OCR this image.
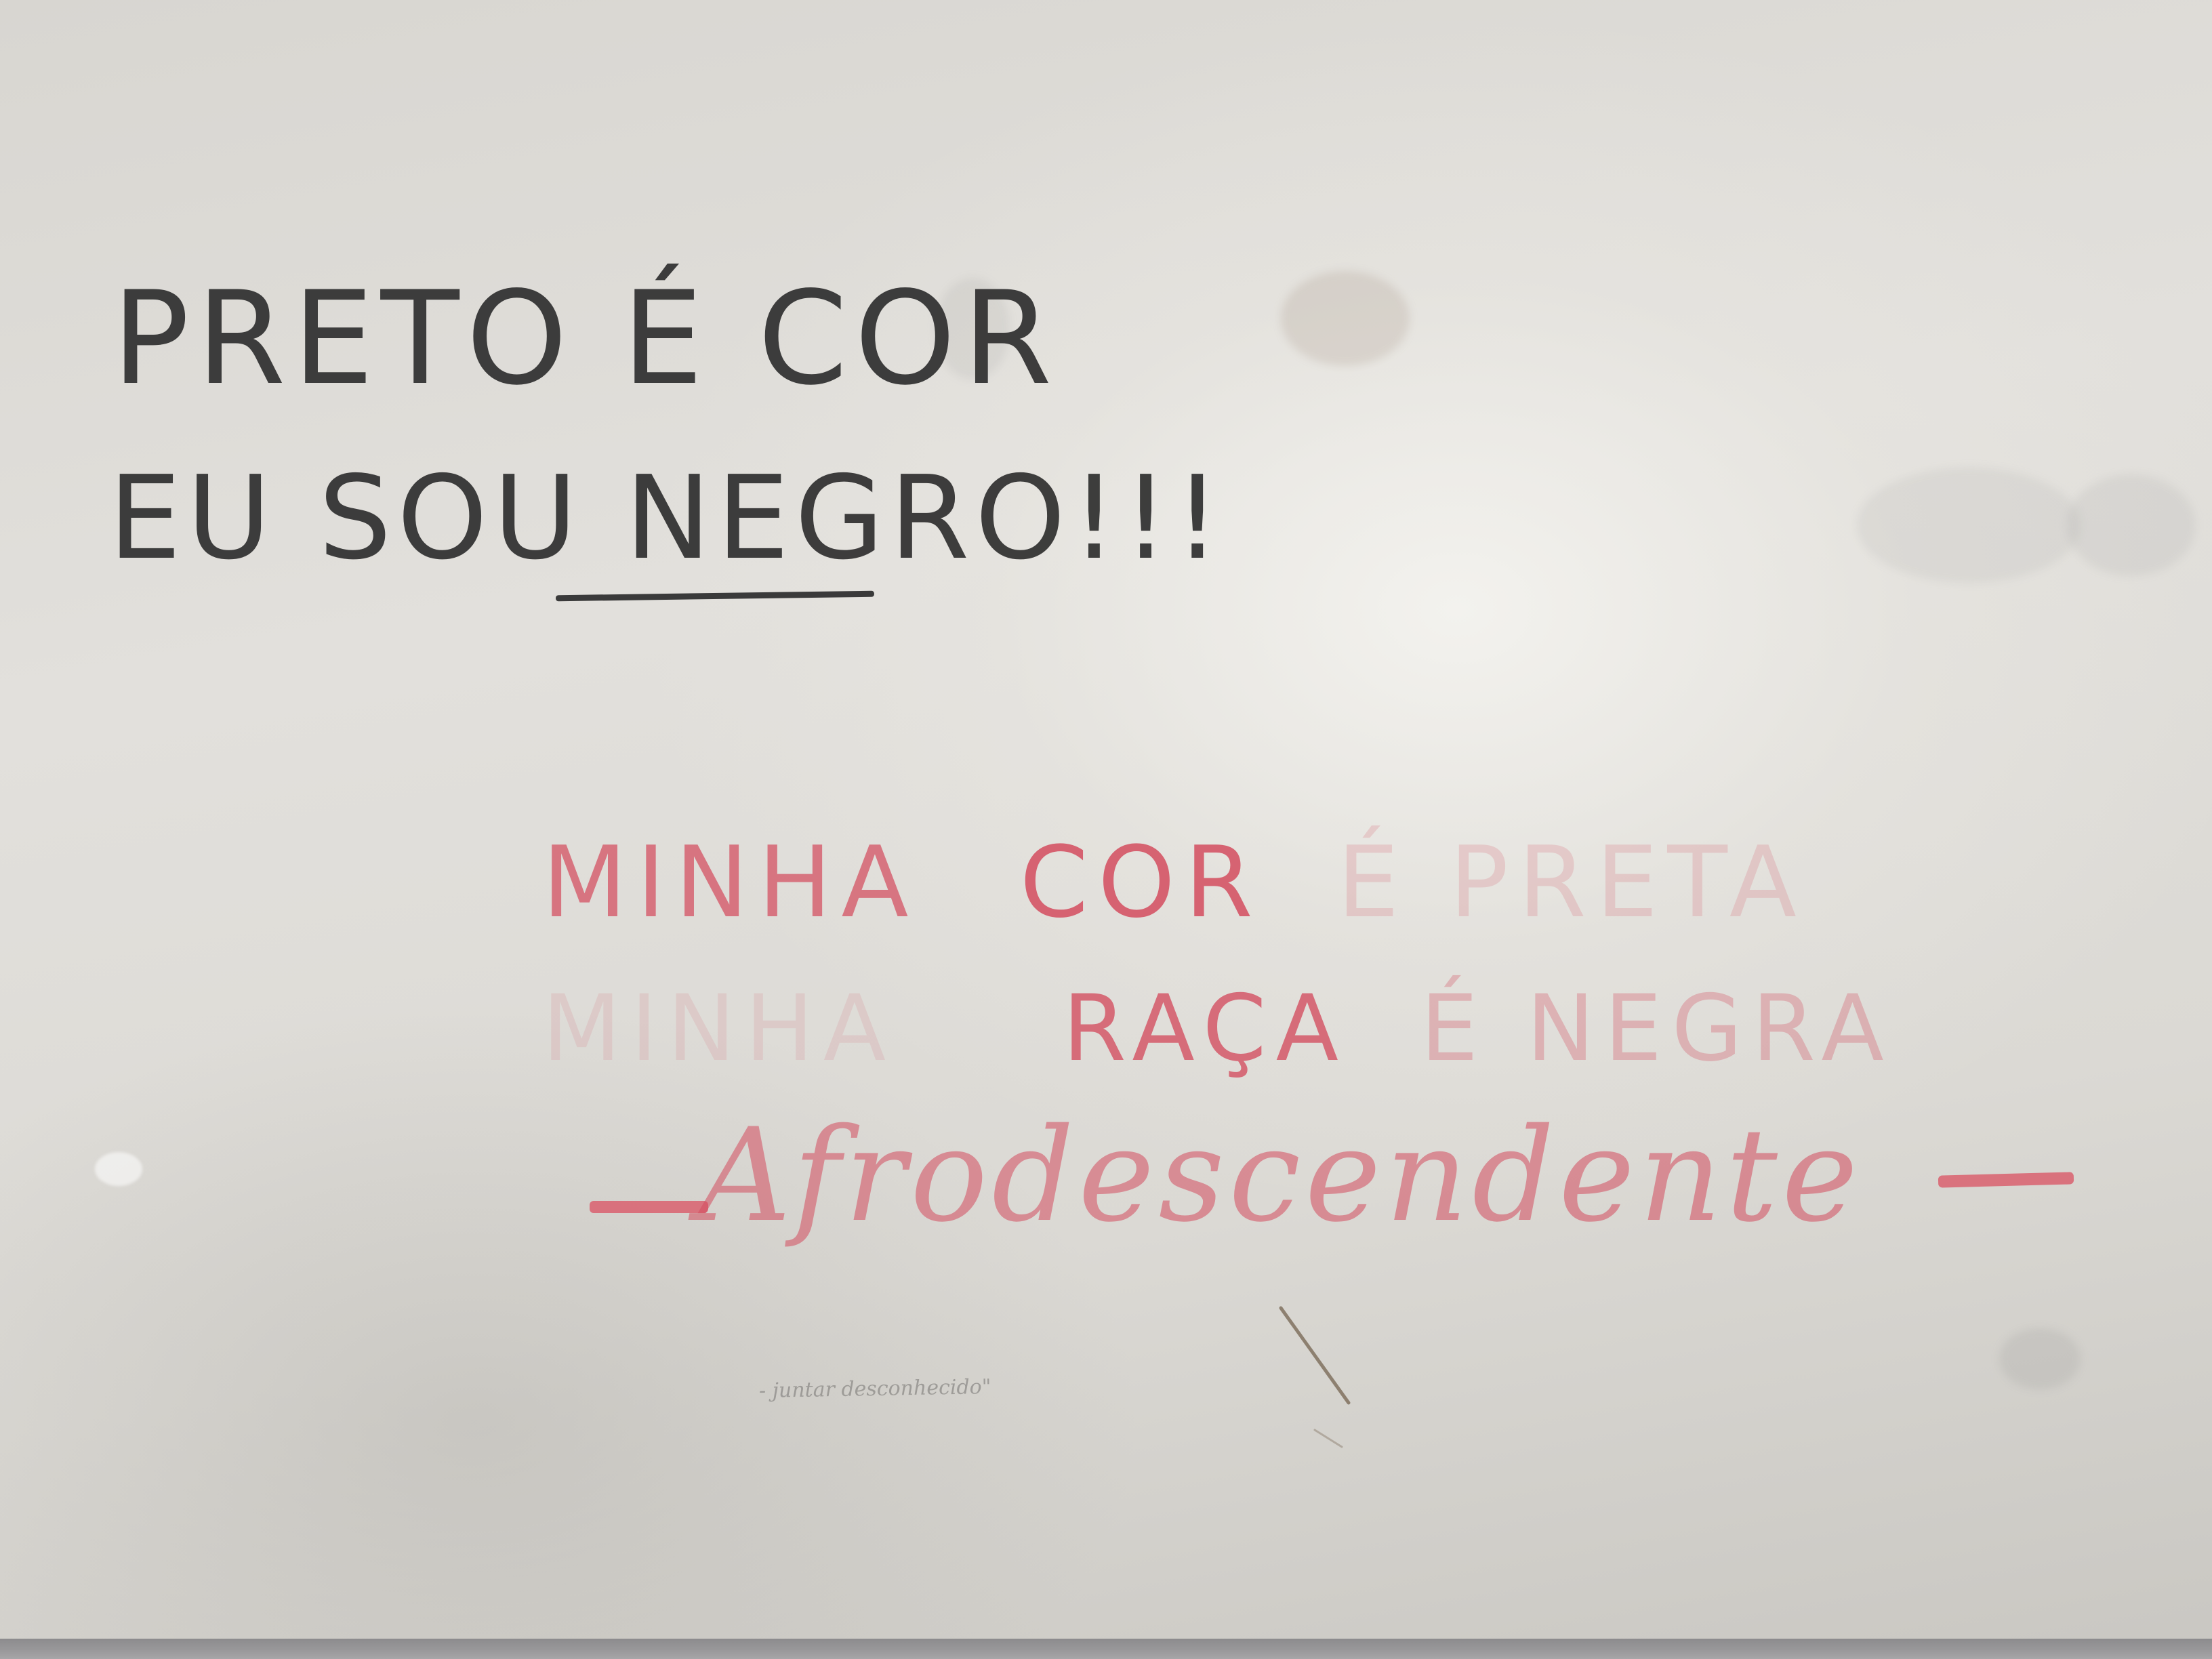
PRETO É COR
EU SOU NEGRO!!!
MINHA COR É PRETA
MINHA RAÇA É NEGRA
Afrodescendente
- juntar desconhecido"
